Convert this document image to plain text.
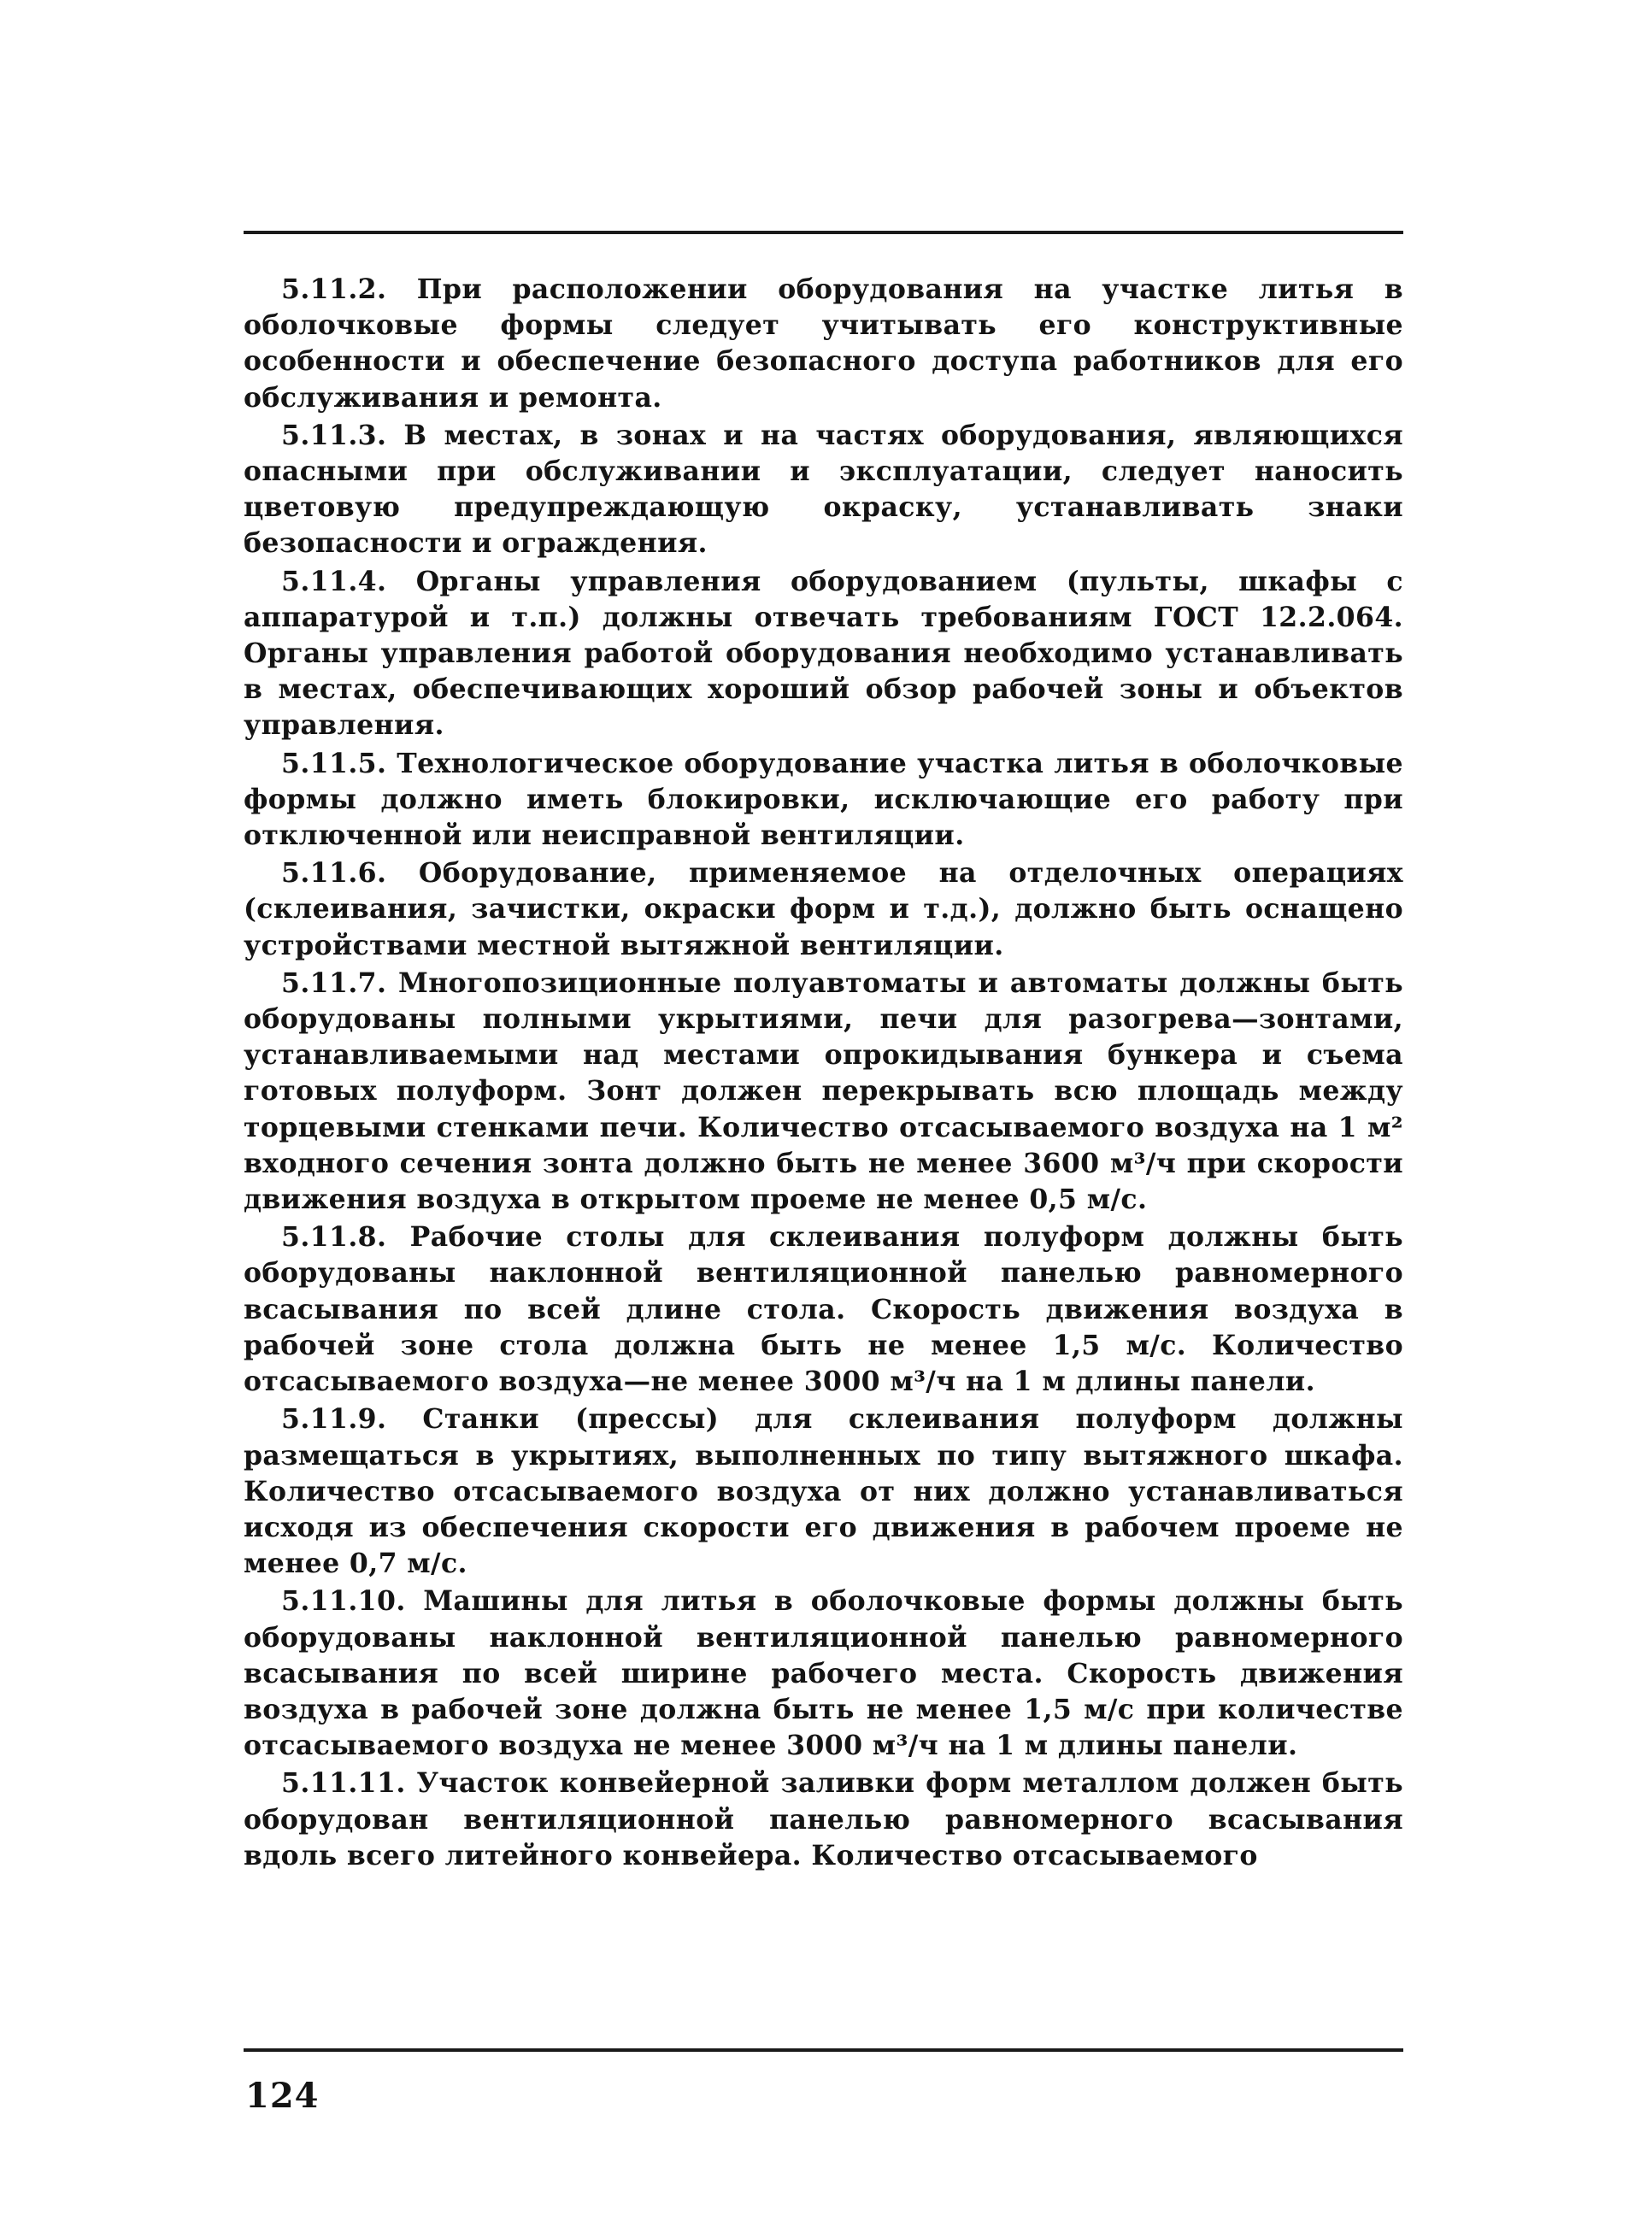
5.11.2. При расположении оборудования на участке литья в оболочковые формы следует учитывать его конструктивные особенности и обеспечение безопасного доступа работников для его обслуживания и ремонта.

5.11.3. В местах, в зонах и на частях оборудования, являющихся опасными при обслуживании и эксплуатации, следует наносить цветовую предупреждающую окраску, устанавливать знаки безопасности и ограждения.

5.11.4. Органы управления оборудованием (пульты, шкафы с аппаратурой и т.п.) должны отвечать требованиям ГОСТ 12.2.064. Органы управления работой оборудования необходимо устанавливать в местах, обеспечивающих хороший обзор рабочей зоны и объектов управления.

5.11.5. Технологическое оборудование участка литья в оболочковые формы должно иметь блокировки, исключающие его работу при отключенной или неисправной вентиляции.

5.11.6. Оборудование, применяемое на отделочных операциях (склеивания, зачистки, окраски форм и т.д.), должно быть оснащено устройствами местной вытяжной вентиляции.

5.11.7. Многопозиционные полуавтоматы и автоматы должны быть оборудованы полными укрытиями, печи для разогрева—зонтами, устанавливаемыми над местами опрокидывания бункера и съема готовых полуформ. Зонт должен перекрывать всю площадь между торцевыми стенками печи. Количество отсасываемого воздуха на 1 м² входного сечения зонта должно быть не менее 3600 м³/ч при скорости движения воздуха в открытом проеме не менее 0,5 м/с.

5.11.8. Рабочие столы для склеивания полуформ должны быть оборудованы наклонной вентиляционной панелью равномерного всасывания по всей длине стола. Скорость движения воздуха в рабочей зоне стола должна быть не менее 1,5 м/с. Количество отсасываемого воздуха—не менее 3000 м³/ч на 1 м длины панели.

5.11.9. Станки (прессы) для склеивания полуформ должны размещаться в укрытиях, выполненных по типу вытяжного шкафа. Количество отсасываемого воздуха от них должно устанавливаться исходя из обеспечения скорости его движения в рабочем проеме не менее 0,7 м/с.

5.11.10. Машины для литья в оболочковые формы должны быть оборудованы наклонной вентиляционной панелью равномерного всасывания по всей ширине рабочего места. Скорость движения воздуха в рабочей зоне должна быть не менее 1,5 м/с при количестве отсасываемого воздуха не менее 3000 м³/ч на 1 м длины панели.

5.11.11. Участок конвейерной заливки форм металлом должен быть оборудован вентиляционной панелью равномерного всасывания вдоль всего литейного конвейера. Количество отсасываемого

124
